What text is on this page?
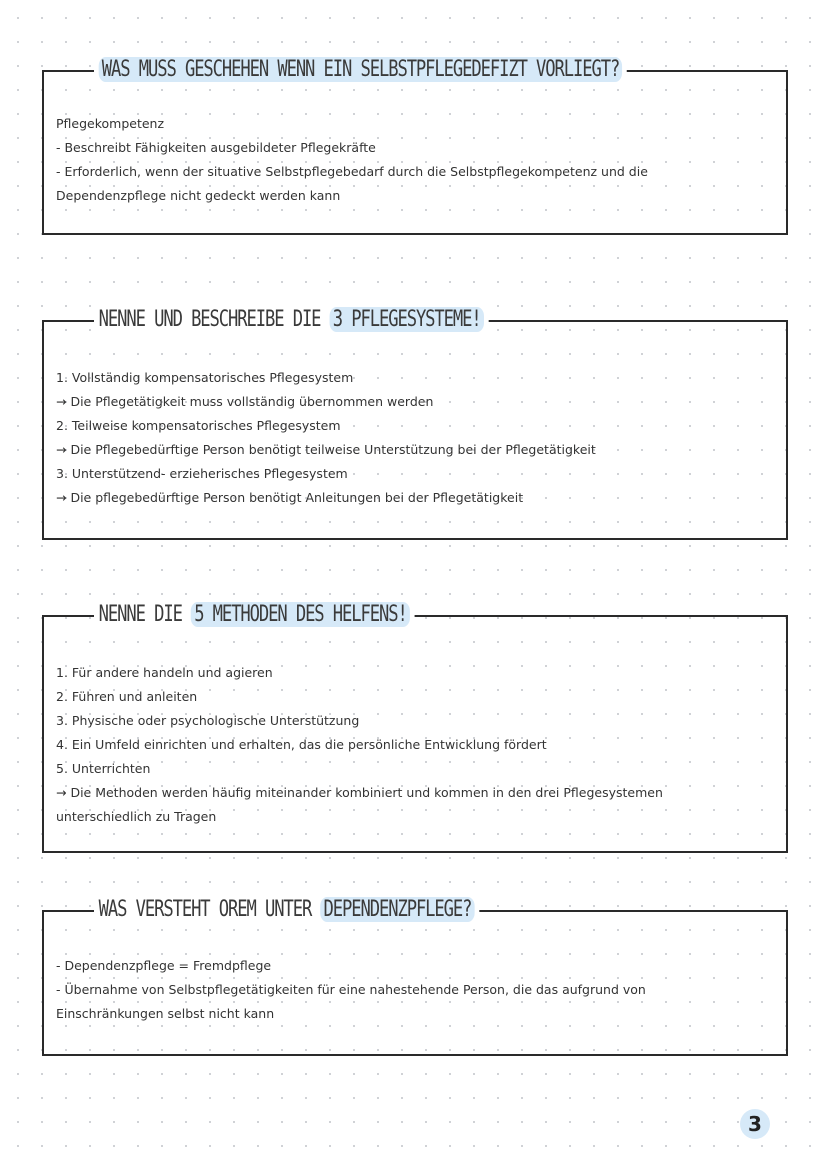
WAS MUSS GESCHEHEN WENN EIN SELBSTPFLEGEDEFIZT VORLIEGT?
Pflegekompetenz
- Beschreibt Fähigkeiten ausgebildeter Pflegekräfte
- Erforderlich, wenn der situative Selbstpflegebedarf durch die Selbstpflegekompetenz und die
Dependenzpflege nicht gedeckt werden kann
NENNE UND BESCHREIBE DIE 3 PFLEGESYSTEME!
1. Vollständig kompensatorisches Pflegesystem
→ Die Pflegetätigkeit muss vollständig übernommen werden
2. Teilweise kompensatorisches Pflegesystem
→ Die Pflegebedürftige Person benötigt teilweise Unterstützung bei der Pflegetätigkeit
3. Unterstützend- erzieherisches Pflegesystem
→ Die pflegebedürftige Person benötigt Anleitungen bei der Pflegetätigkeit
NENNE DIE 5 METHODEN DES HELFENS!
1. Für andere handeln und agieren
2. Führen und anleiten
3. Physische oder psychologische Unterstützung
4. Ein Umfeld einrichten und erhalten, das die persönliche Entwicklung fördert
5. Unterrichten
→ Die Methoden werden häufig miteinander kombiniert und kommen in den drei Pflegesystemen
unterschiedlich zu Tragen
WAS VERSTEHT OREM UNTER DEPENDENZPFLEGE?
- Dependenzpflege = Fremdpflege
- Übernahme von Selbstpflegetätigkeiten für eine nahestehende Person, die das aufgrund von
Einschränkungen selbst nicht kann
3
